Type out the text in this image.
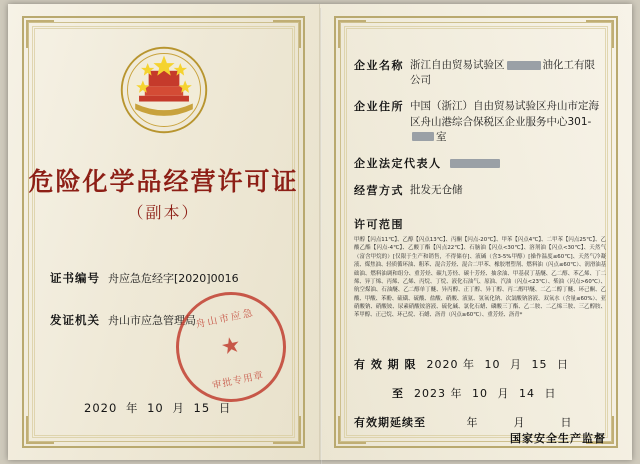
危险化学品经营许可证
（副本）
证书编号 舟应急危经字[2020]0016
发证机关 舟山市应急管理局
舟山市应急
★
审批专用章
2020 年 10 月 15 日
企业名称 浙江自由贸易试验区	油化工有限公司
企业住所 中国（浙江）自由贸易试验区舟山市定海区舟山港综合保税区企业服务中心301-室
企业法定代表人
经营方式 批发无仓储
许可范围
甲醇【闪点11℃】、乙醇【闪点13℃】、丙酮【闪点-20℃】、甲苯【闪点4℃】、二甲苯【闪点25℃】、乙酸乙酯【闪点-4℃】、乙酸丁酯【闪点22℃】、石脑油【闪点<30℃】、溶剂油【闪点<30℃】、天然气（富含甲烷的）[仅限于生产和销售，不得储存]、液碱（含3-5%甲醇）[操作温度≤60℃]、天然气冷凝液、煤焦油、轻质循环油、粗苯、混合芳烃、混合二甲苯、橡胶增塑剂、燃料油（闪点≤60℃）、润滑油基础油、燃料油调和组分、重芳烃、碳九芳烃、碳十芳烃、抽余油、甲基叔丁基醚、乙二醇、苯乙烯、丁二烯、异丁烯、丙烯、乙烯、丙烷、丁烷、液化石油气、原油、汽油（闪点<23℃）、柴油（闪点>60℃）、航空煤油、石油醚、乙二醇单丁醚、异丙醇、正丁醇、异丁醇、丙二醇甲醚、二乙二醇丁醚、环己酮、乙酸、甲酸、苯酚、硫磺、硫酸、盐酸、硝酸、液氨、氢氧化钠、次氯酸钠溶液、双氧水（含量≤60%）、亚硝酸钠、硝酸铵、尿素硝酸铵溶液、硫化碱、氯化石蜡、磷酸三丁酯、乙二胺、二乙烯三胺、三乙醇胺、苯甲醇、正己烷、环己烷、石蜡、沥青（闪点≥60℃）、重芳烃、沥青*
有 效 期 限 2020 年 10 月 15 日
至 2023 年 10 月 14 日
有效期延续至	年	月	日
国家安全生产监督
